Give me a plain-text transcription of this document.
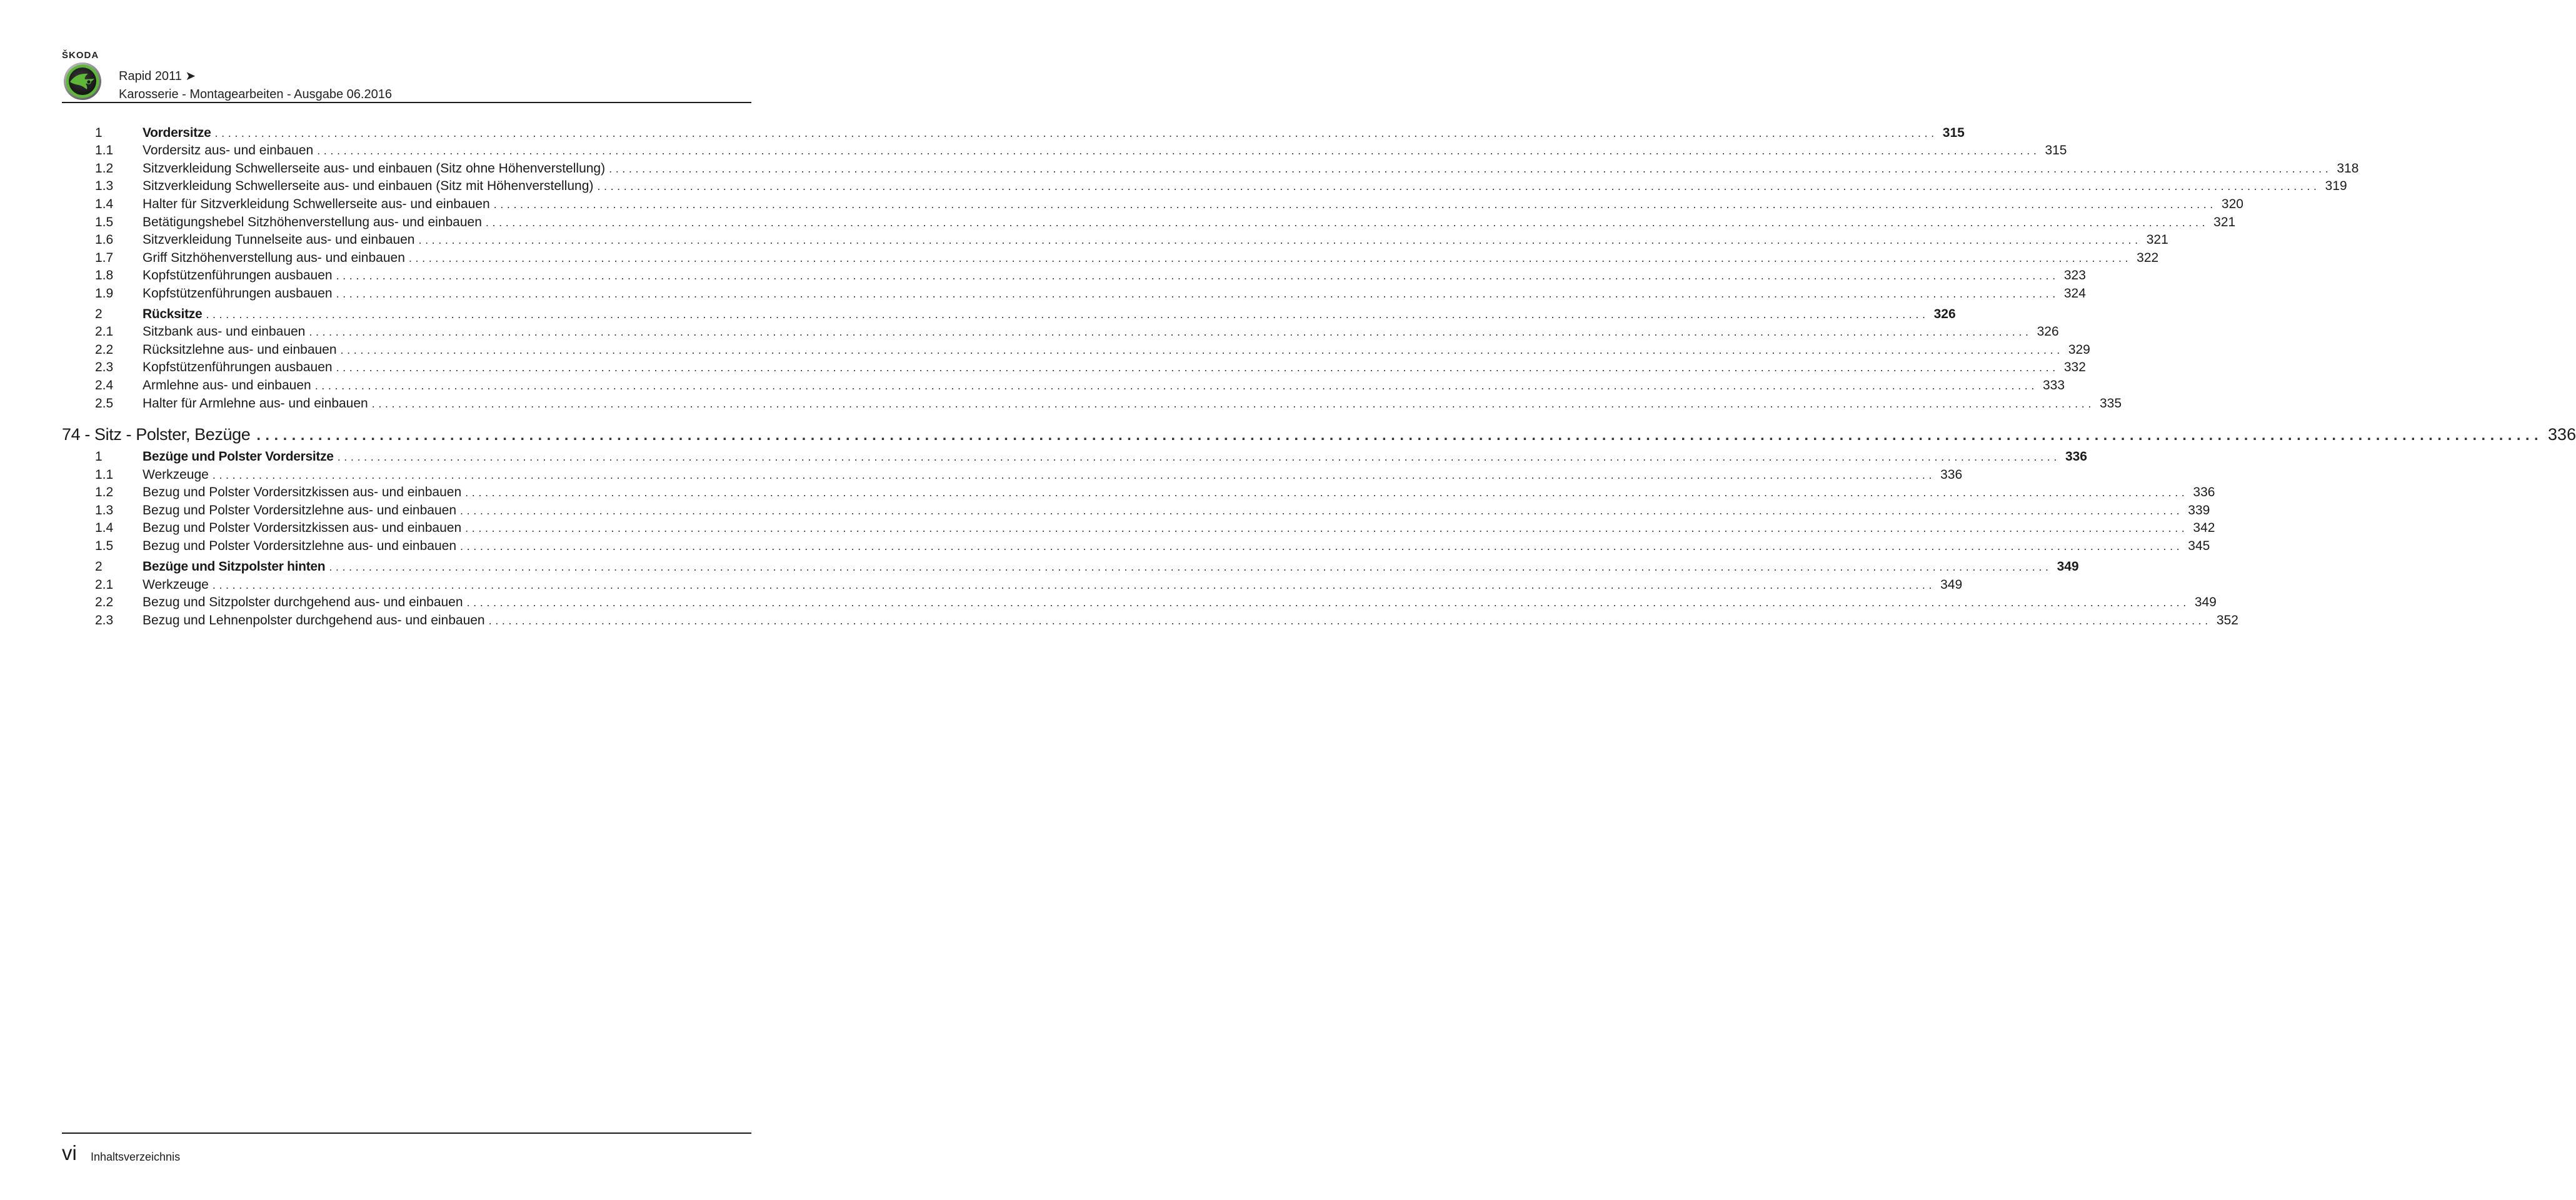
ŠKODA
Rapid 2011 ➤
Karosserie - Montagearbeiten - Ausgabe 06.2016
1	Vordersitze .................................................................................................................................................................................................................................................................... 315
1.1	Vordersitz aus- und einbauen .................................................................................................................................................................................................................................................................... 315
1.2	Sitzverkleidung Schwellerseite aus- und einbauen (Sitz ohne Höhenverstellung) .................................................................................................................................................................................................................................................................... 318
1.3	Sitzverkleidung Schwellerseite aus- und einbauen (Sitz mit Höhenverstellung) .................................................................................................................................................................................................................................................................... 319
1.4	Halter für Sitzverkleidung Schwellerseite aus- und einbauen .................................................................................................................................................................................................................................................................... 320
1.5	Betätigungshebel Sitzhöhenverstellung aus- und einbauen .................................................................................................................................................................................................................................................................... 321
1.6	Sitzverkleidung Tunnelseite aus- und einbauen .................................................................................................................................................................................................................................................................... 321
1.7	Griff Sitzhöhenverstellung aus- und einbauen .................................................................................................................................................................................................................................................................... 322
1.8	Kopfstützenführungen ausbauen .................................................................................................................................................................................................................................................................... 323
1.9	Kopfstützenführungen ausbauen .................................................................................................................................................................................................................................................................... 324
2	Rücksitze .................................................................................................................................................................................................................................................................... 326
2.1	Sitzbank aus- und einbauen .................................................................................................................................................................................................................................................................... 326
2.2	Rücksitzlehne aus- und einbauen .................................................................................................................................................................................................................................................................... 329
2.3	Kopfstützenführungen ausbauen .................................................................................................................................................................................................................................................................... 332
2.4	Armlehne aus- und einbauen .................................................................................................................................................................................................................................................................... 333
2.5	Halter für Armlehne aus- und einbauen .................................................................................................................................................................................................................................................................... 335
74 - Sitz - Polster, Bezüge .................................................................................................................................................................................................................................................................... 336
1	Bezüge und Polster Vordersitze .................................................................................................................................................................................................................................................................... 336
1.1	Werkzeuge .................................................................................................................................................................................................................................................................... 336
1.2	Bezug und Polster Vordersitzkissen aus- und einbauen .................................................................................................................................................................................................................................................................... 336
1.3	Bezug und Polster Vordersitzlehne aus- und einbauen .................................................................................................................................................................................................................................................................... 339
1.4	Bezug und Polster Vordersitzkissen aus- und einbauen .................................................................................................................................................................................................................................................................... 342
1.5	Bezug und Polster Vordersitzlehne aus- und einbauen .................................................................................................................................................................................................................................................................... 345
2	Bezüge und Sitzpolster hinten .................................................................................................................................................................................................................................................................... 349
2.1	Werkzeuge .................................................................................................................................................................................................................................................................... 349
2.2	Bezug und Sitzpolster durchgehend aus- und einbauen .................................................................................................................................................................................................................................................................... 349
2.3	Bezug und Lehnenpolster durchgehend aus- und einbauen .................................................................................................................................................................................................................................................................... 352
vi Inhaltsverzeichnis
